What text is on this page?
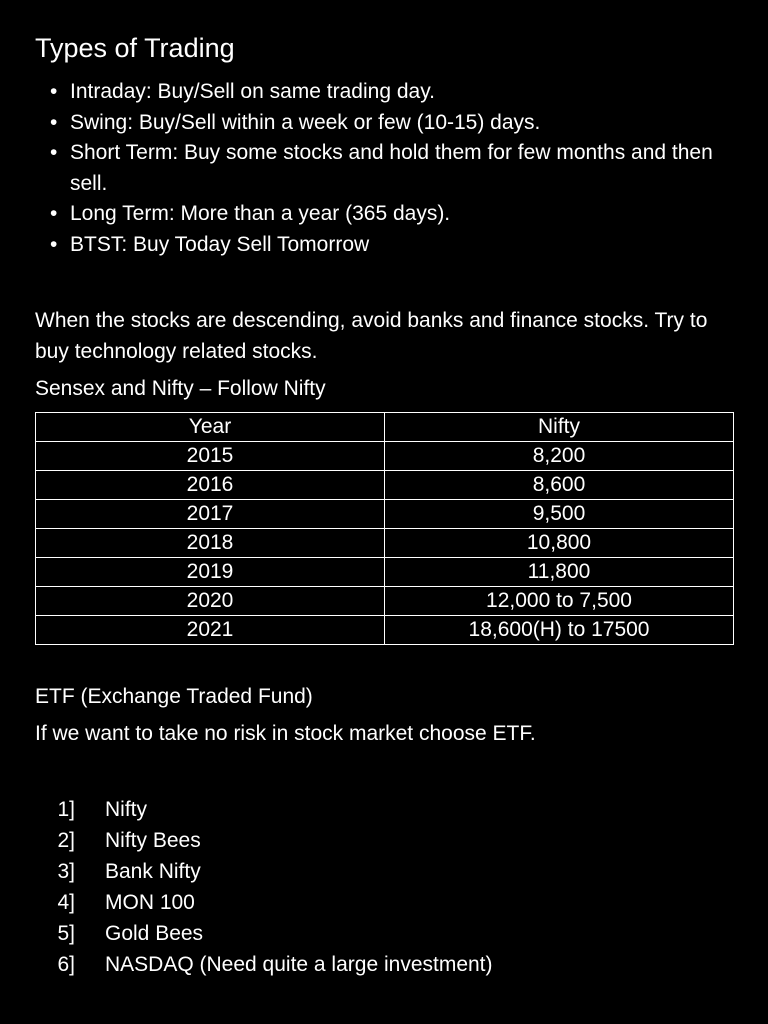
Types of Trading
• Intraday: Buy/Sell on same trading day.
• Swing: Buy/Sell within a week or few (10-15) days.
• Short Term: Buy some stocks and hold them for few months and then sell.
• Long Term: More than a year (365 days).
• BTST: Buy Today Sell Tomorrow

When the stocks are descending, avoid banks and finance stocks. Try to buy technology related stocks.

Sensex and Nifty – Follow Nifty

Year	Nifty
2015	8,200
2016	8,600
2017	9,500
2018	10,800
2019	11,800
2020	12,000 to 7,500
2021	18,600(H) to 17500

ETF (Exchange Traded Fund)

If we want to take no risk in stock market choose ETF.

1] Nifty
2] Nifty Bees
3] Bank Nifty
4] MON 100
5] Gold Bees
6] NASDAQ (Need quite a large investment)
